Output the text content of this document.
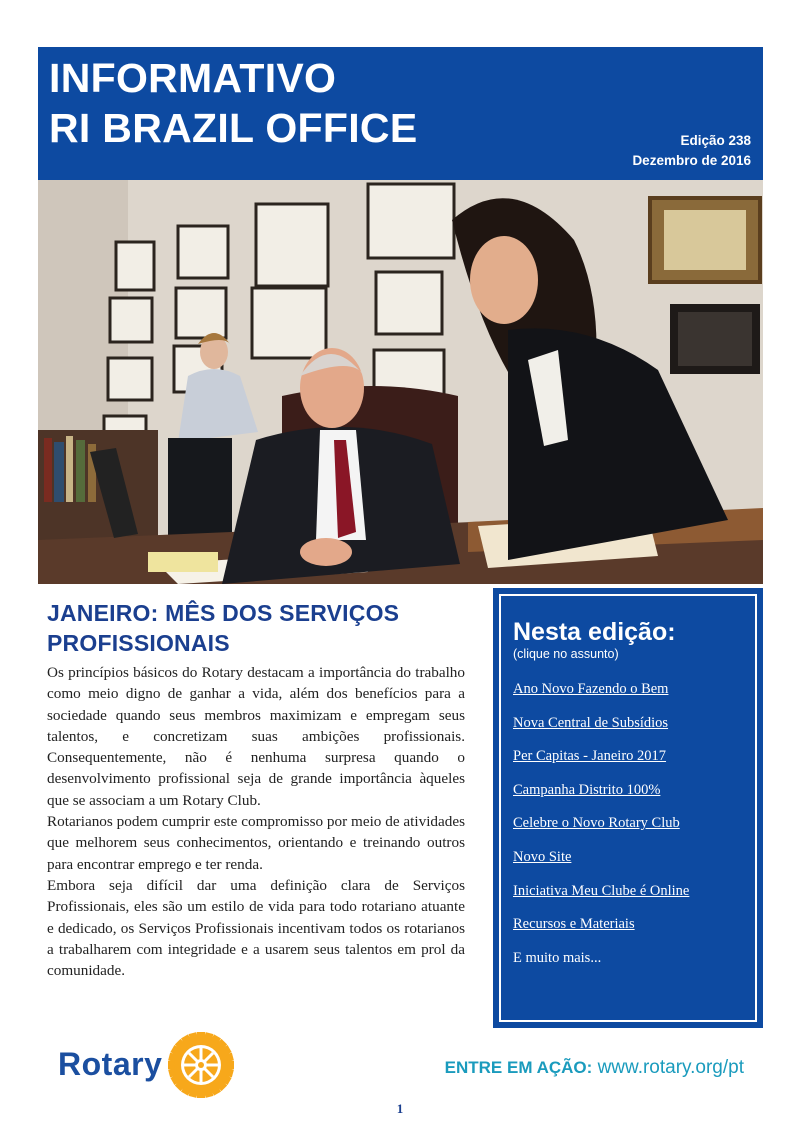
INFORMATIVO
RI BRAZIL OFFICE	Edição 238
Dezembro de 2016
JANEIRO: MÊS DOS SERVIÇOS PROFISSIONAIS

Os princípios básicos do Rotary destacam a importância do trabalho como meio digno de ganhar a vida, além dos benefícios para a sociedade quando seus membros maximizam e empregam seus talentos, e concretizam suas ambições profissionais. Consequentemente, não é nenhuma surpresa quando o desenvolvimento profissional seja de grande importância àqueles que se associam a um Rotary Club.

Rotarianos podem cumprir este compromisso por meio de atividades que melhorem seus conhecimentos, orientando e treinando outros para encontrar emprego e ter renda.

Embora seja difícil dar uma definição clara de Serviços Profissionais, eles são um estilo de vida para todo rotariano atuante e dedicado, os Serviços Profissionais incentivam todos os rotarianos a trabalharem com integridade e a usarem seus talentos em prol da comunidade.

Nesta edição:
(clique no assunto)
Ano Novo Fazendo o Bem
Nova Central de Subsídios
Per Capitas - Janeiro 2017
Campanha Distrito 100%
Celebre o Novo Rotary Club
Novo Site
Iniciativa Meu Clube é Online
Recursos e Materiais
E muito mais...
Rotary	ENTRE EM AÇÃO: www.rotary.org/pt
1
